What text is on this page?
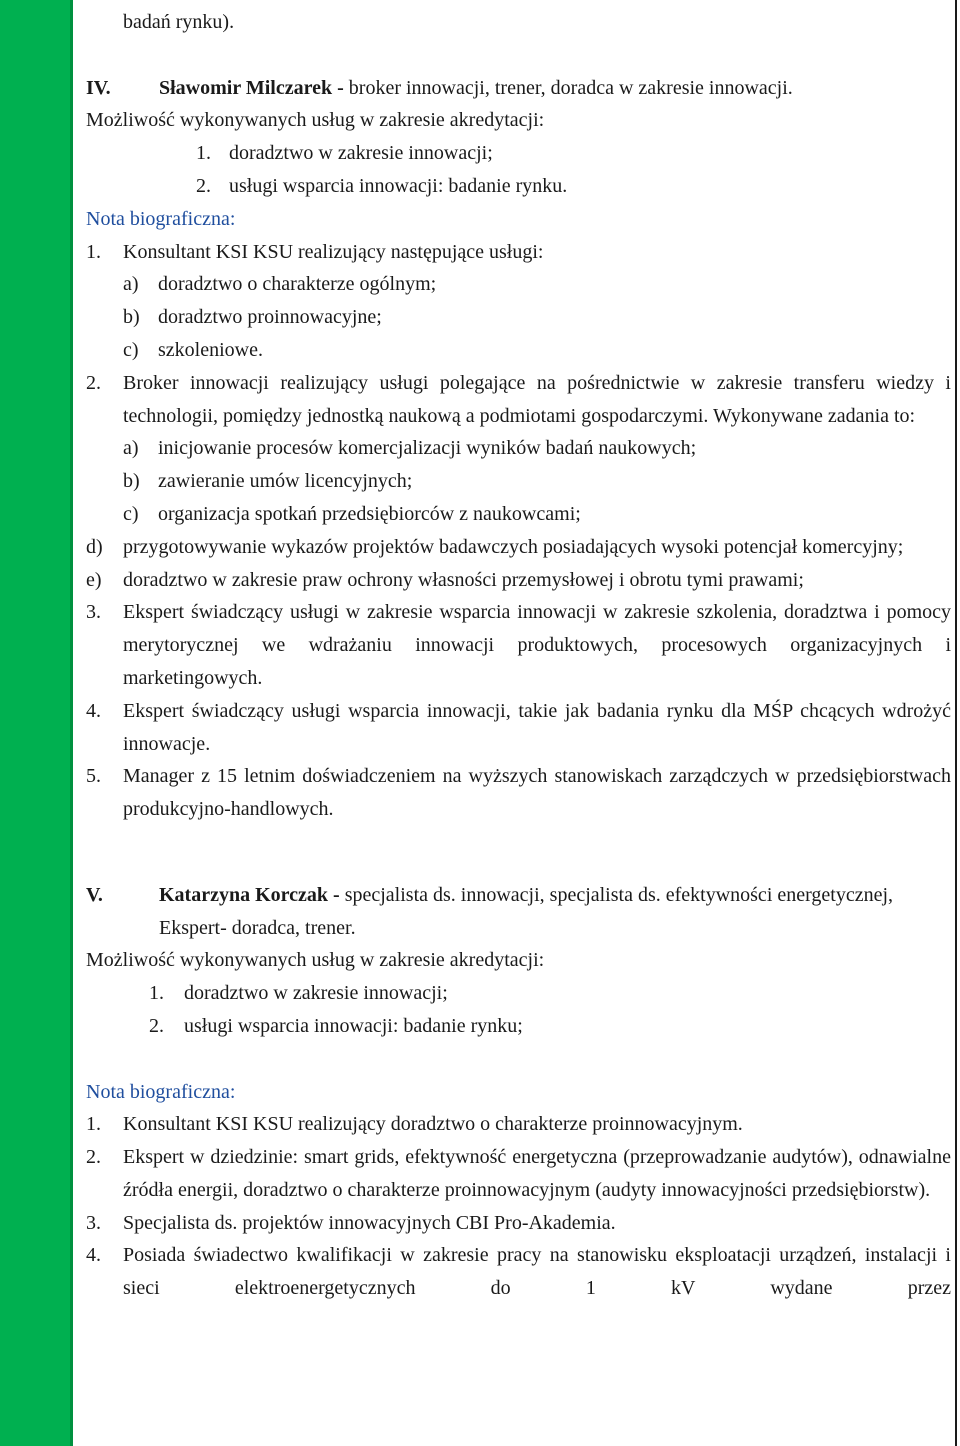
badań rynku).
IV. Sławomir Milczarek - broker innowacji, trener, doradca w zakresie innowacji.
Możliwość wykonywanych usług w zakresie akredytacji:
1. doradztwo w zakresie innowacji;
2. usługi wsparcia innowacji: badanie rynku.
Nota biograficzna:
1. Konsultant KSI KSU realizujący następujące usługi:
a) doradztwo o charakterze ogólnym;
b) doradztwo proinnowacyjne;
c) szkoleniowe.
2. Broker innowacji realizujący usługi polegające na pośrednictwie w zakresie transferu wiedzy i technologii, pomiędzy jednostką naukową a podmiotami gospodarczymi. Wykonywane zadania to:
a) inicjowanie procesów komercjalizacji wyników badań naukowych;
b) zawieranie umów licencyjnych;
c) organizacja spotkań przedsiębiorców z naukowcami;
d) przygotowywanie wykazów projektów badawczych posiadających wysoki potencjał komercyjny;
e) doradztwo w zakresie praw ochrony własności przemysłowej i obrotu tymi prawami;
3. Ekspert świadczący usługi w zakresie wsparcia innowacji w zakresie szkolenia, doradztwa i pomocy merytorycznej we wdrażaniu innowacji produktowych, procesowych organizacyjnych i marketingowych.
4. Ekspert świadczący usługi wsparcia innowacji, takie jak badania rynku dla MŚP chcących wdrożyć innowacje.
5. Manager z 15 letnim doświadczeniem na wyższych stanowiskach zarządczych w przedsiębiorstwach produkcyjno-handlowych.
V.	Katarzyna Korczak - specjalista ds. innowacji, specjalista ds. efektywności energetycznej, Ekspert- doradca, trener.
Możliwość wykonywanych usług w zakresie akredytacji:
1. doradztwo w zakresie innowacji;
2. usługi wsparcia innowacji: badanie rynku;
Nota biograficzna:
1. Konsultant KSI KSU realizujący doradztwo o charakterze proinnowacyjnym.
2. Ekspert w dziedzinie: smart grids, efektywność energetyczna (przeprowadzanie audytów), odnawialne źródła energii, doradztwo o charakterze proinnowacyjnym (audyty innowacyjności przedsiębiorstw).
3. Specjalista ds. projektów innowacyjnych CBI Pro-Akademia.
4. Posiada świadectwo kwalifikacji w zakresie pracy na stanowisku eksploatacji urządzeń, instalacji i sieci elektroenergetycznych do 1 kV wydane przez
